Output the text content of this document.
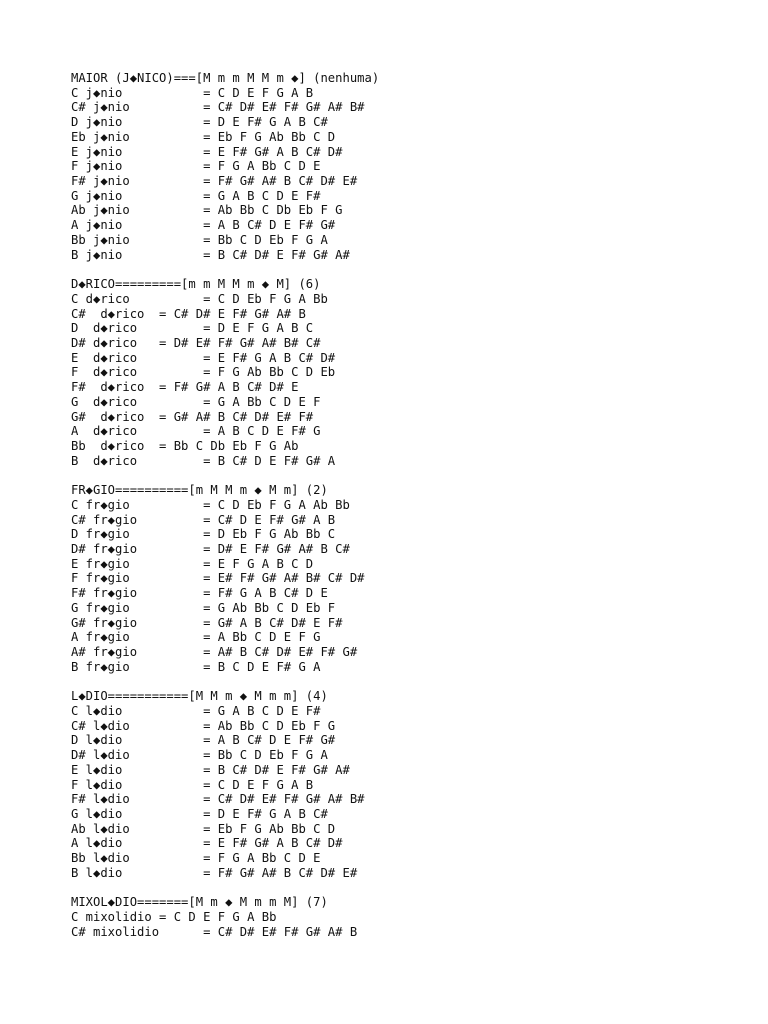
MAIOR (J◆NICO)===[M m m M M m ◆] (nenhuma)
C j◆nio           = C D E F G A B
C# j◆nio          = C# D# E# F# G# A# B#
D j◆nio           = D E F# G A B C#
Eb j◆nio          = Eb F G Ab Bb C D
E j◆nio           = E F# G# A B C# D#
F j◆nio           = F G A Bb C D E
F# j◆nio          = F# G# A# B C# D# E#
G j◆nio           = G A B C D E F#
Ab j◆nio          = Ab Bb C Db Eb F G
A j◆nio           = A B C# D E F# G#
Bb j◆nio          = Bb C D Eb F G A
B j◆nio           = B C# D# E F# G# A#
D◆RICO=========[m m M M m ◆ M] (6)
C d◆rico          = C D Eb F G A Bb
C#  d◆rico  = C# D# E F# G# A# B
D  d◆rico         = D E F G A B C
D# d◆rico   = D# E# F# G# A# B# C#
E  d◆rico         = E F# G A B C# D#
F  d◆rico         = F G Ab Bb C D Eb
F#  d◆rico  = F# G# A B C# D# E
G  d◆rico         = G A Bb C D E F
G#  d◆rico  = G# A# B C# D# E# F#
A  d◆rico         = A B C D E F# G
Bb  d◆rico  = Bb C Db Eb F G Ab
B  d◆rico         = B C# D E F# G# A
FR◆GIO==========[m M M m ◆ M m] (2)
C fr◆gio          = C D Eb F G A Ab Bb
C# fr◆gio         = C# D E F# G# A B
D fr◆gio          = D Eb F G Ab Bb C
D# fr◆gio         = D# E F# G# A# B C#
E fr◆gio          = E F G A B C D
F fr◆gio          = E# F# G# A# B# C# D#
F# fr◆gio         = F# G A B C# D E
G fr◆gio          = G Ab Bb C D Eb F
G# fr◆gio         = G# A B C# D# E F#
A fr◆gio          = A Bb C D E F G
A# fr◆gio         = A# B C# D# E# F# G#
B fr◆gio          = B C D E F# G A
L◆DIO===========[M M m ◆ M m m] (4)
C l◆dio           = G A B C D E F#
C# l◆dio          = Ab Bb C D Eb F G
D l◆dio           = A B C# D E F# G#
D# l◆dio          = Bb C D Eb F G A
E l◆dio           = B C# D# E F# G# A#
F l◆dio           = C D E F G A B
F# l◆dio          = C# D# E# F# G# A# B#
G l◆dio           = D E F# G A B C#
Ab l◆dio          = Eb F G Ab Bb C D
A l◆dio           = E F# G# A B C# D#
Bb l◆dio          = F G A Bb C D E
B l◆dio           = F# G# A# B C# D# E#
MIXOL◆DIO=======[M m ◆ M m m M] (7)
C mixolidio = C D E F G A Bb
C# mixolidio      = C# D# E# F# G# A# B
